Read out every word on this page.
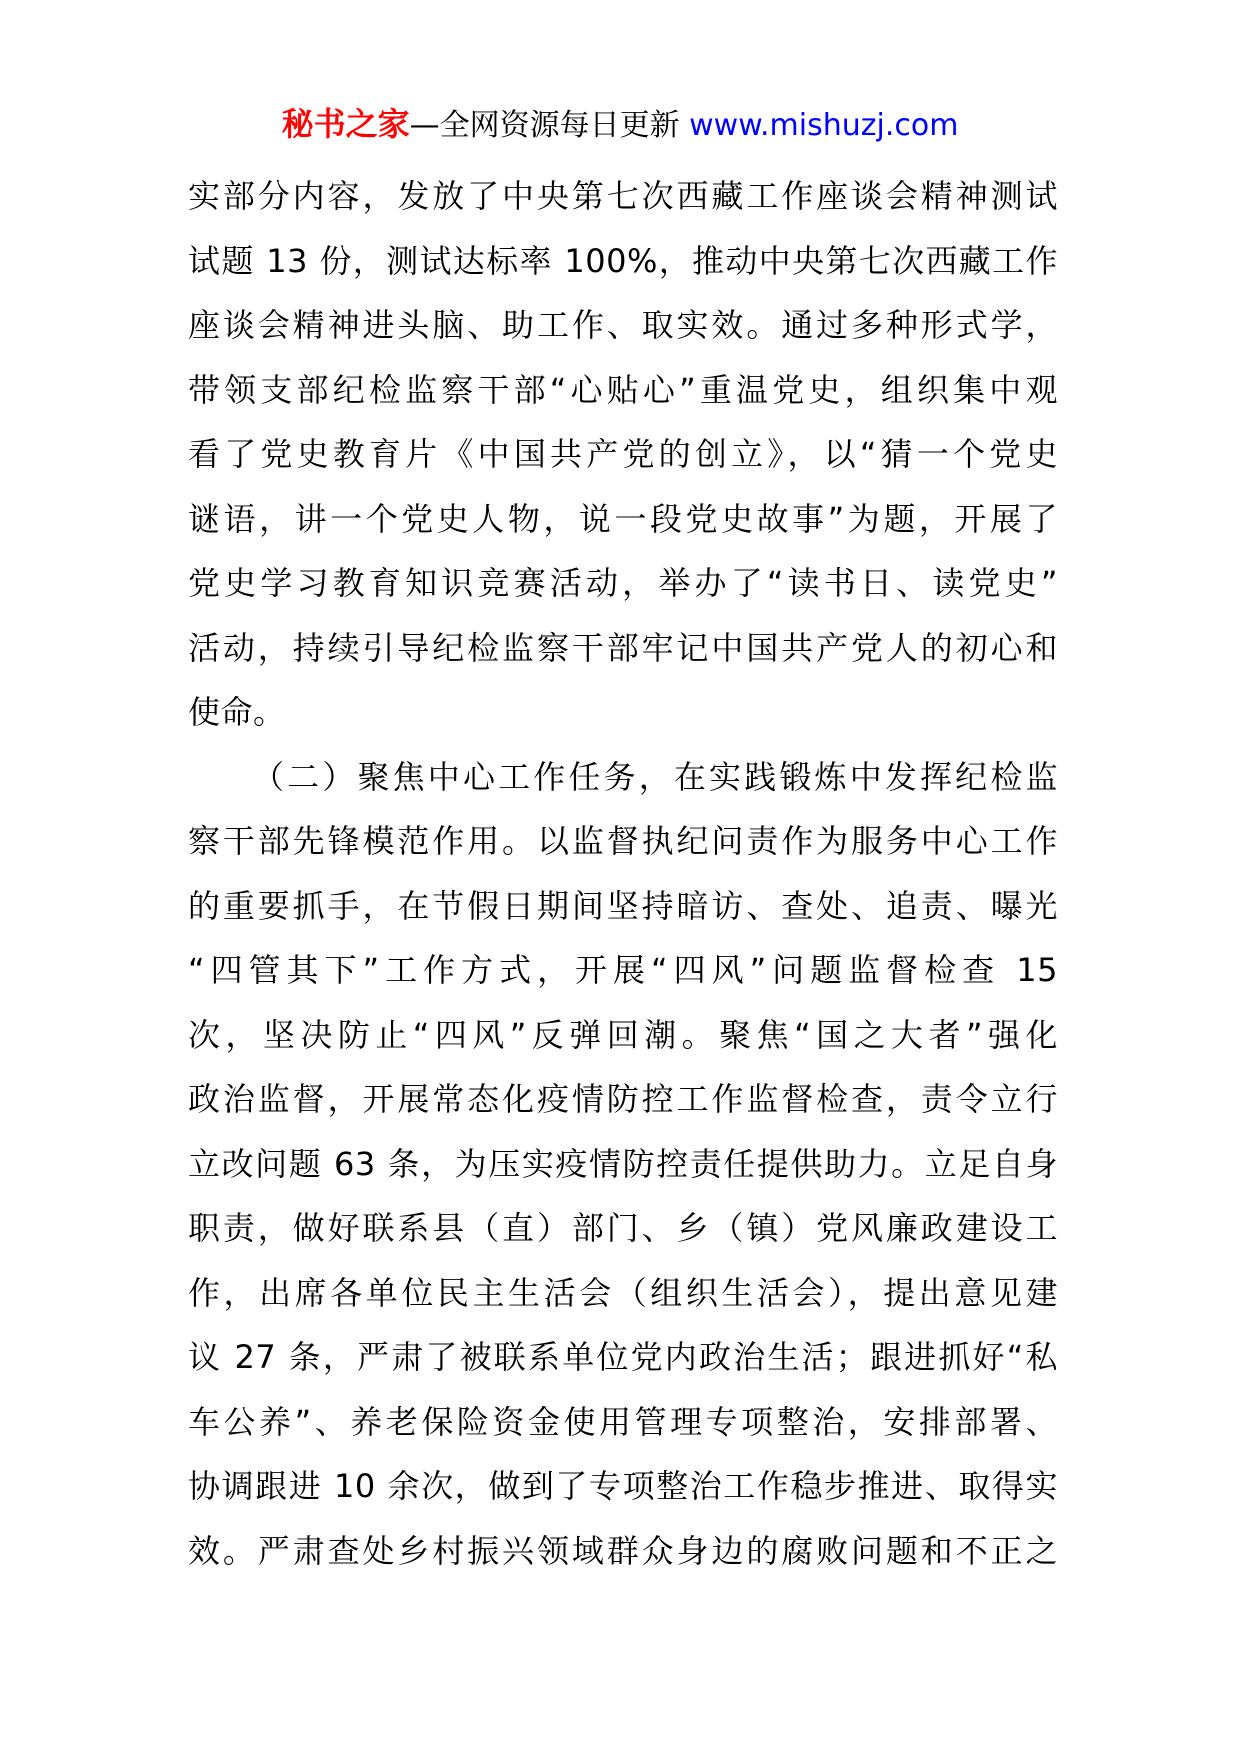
秘书之家—全网资源每日更新 www.mishuzj.com
实部分内容，发放了中央第七次西藏工作座谈会精神测试
试题 13 份，测试达标率 100%，推动中央第七次西藏工作
座谈会精神进头脑、助工作、取实效。通过多种形式学，
带领支部纪检监察干部“心贴心”重温党史，组织集中观
看了党史教育片《中国共产党的创立》，以“猜一个党史
谜语，讲一个党史人物，说一段党史故事”为题，开展了
党史学习教育知识竞赛活动，举办了“读书日、读党史”
活动，持续引导纪检监察干部牢记中国共产党人的初心和
使命。
（二）聚焦中心工作任务，在实践锻炼中发挥纪检监
察干部先锋模范作用。以监督执纪问责作为服务中心工作
的重要抓手，在节假日期间坚持暗访、查处、追责、曝光
“四管其下”工作方式，开展“四风”问题监督检查 15
次，坚决防止“四风”反弹回潮。聚焦“国之大者”强化
政治监督，开展常态化疫情防控工作监督检查，责令立行
立改问题 63 条，为压实疫情防控责任提供助力。立足自身
职责，做好联系县（直）部门、乡（镇）党风廉政建设工
作，出席各单位民主生活会（组织生活会），提出意见建
议 27 条，严肃了被联系单位党内政治生活；跟进抓好“私
车公养”、养老保险资金使用管理专项整治，安排部署、
协调跟进 10 余次，做到了专项整治工作稳步推进、取得实
效。严肃查处乡村振兴领域群众身边的腐败问题和不正之
